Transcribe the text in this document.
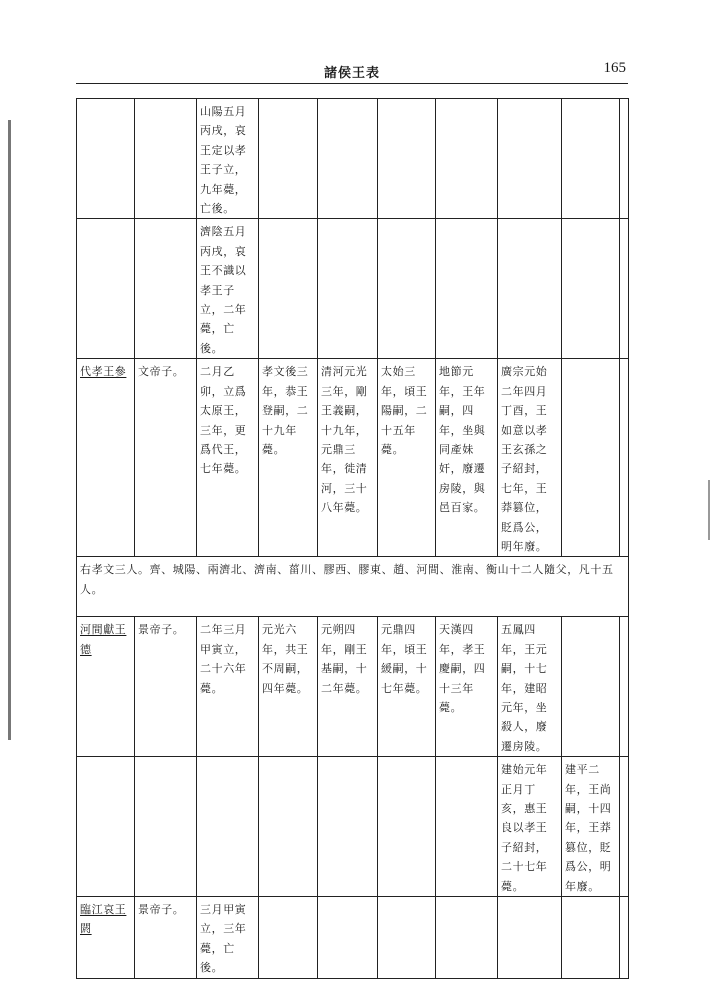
諸侯王表	165
		山陽五月丙戌，哀王定以孝王子立，九年薨，亡後。							
		濟陰五月丙戌，哀王不識以孝王子立，二年薨，亡後。							
代孝王參	文帝子。	二月乙卯，立爲太原王，三年，更爲代王，七年薨。	孝文後三年，恭王登嗣，二十九年薨。	清河元光三年，剛王義嗣，十九年，元鼎三年，徙清河，三十八年薨。	太始三年，頃王陽嗣，二十五年薨。	地節元年，王年嗣，四年，坐與同產妹奸，廢遷房陵，與邑百家。	廣宗元始二年四月丁酉，王如意以孝王玄孫之子紹封，七年，王莽篡位，貶爲公，明年廢。		
右孝文三人。齊、城陽、兩濟北、濟南、菑川、膠西、膠東、趙、河間、淮南、衡山十二人隨父，凡十五人。									
河間獻王德	景帝子。	二年三月甲寅立，二十六年薨。	元光六年，共王不周嗣，四年薨。	元朔四年，剛王基嗣，十二年薨。	元鼎四年，頃王緩嗣，十七年薨。	天漢四年，孝王慶嗣，四十三年薨。	五鳳四年，王元嗣，十七年，建昭元年，坐殺人，廢遷房陵。		
							建始元年正月丁亥，惠王良以孝王子紹封，二十七年薨。	建平二年，王尚嗣，十四年，王莽篡位，貶爲公，明年廢。	
臨江哀王閼	景帝子。	三月甲寅立，三年薨，亡後。							
